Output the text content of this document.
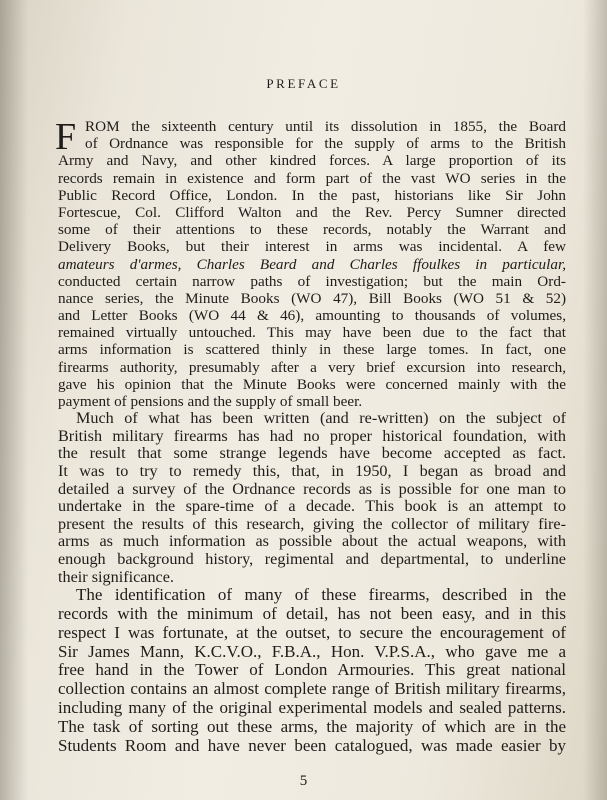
PREFACE
F ROM the sixteenth century until its dissolution in 1855, the Board
of Ordnance was responsible for the supply of arms to the British
Army and Navy, and other kindred forces. A large proportion of its
records remain in existence and form part of the vast WO series in the
Public Record Office, London. In the past, historians like Sir John
Fortescue, Col. Clifford Walton and the Rev. Percy Sumner directed
some of their attentions to these records, notably the Warrant and
Delivery Books, but their interest in arms was incidental. A few
amateurs d'armes, Charles Beard and Charles ffoulkes in particular,
conducted certain narrow paths of investigation; but the main Ord-
nance series, the Minute Books (WO 47), Bill Books (WO 51 & 52)
and Letter Books (WO 44 & 46), amounting to thousands of volumes,
remained virtually untouched. This may have been due to the fact that
arms information is scattered thinly in these large tomes. In fact, one
firearms authority, presumably after a very brief excursion into research,
gave his opinion that the Minute Books were concerned mainly with the
payment of pensions and the supply of small beer.
Much of what has been written (and re-written) on the subject of
British military firearms has had no proper historical foundation, with
the result that some strange legends have become accepted as fact.
It was to try to remedy this, that, in 1950, I began as broad and
detailed a survey of the Ordnance records as is possible for one man to
undertake in the spare-time of a decade. This book is an attempt to
present the results of this research, giving the collector of military fire-
arms as much information as possible about the actual weapons, with
enough background history, regimental and departmental, to underline
their significance.
The identification of many of these firearms, described in the
records with the minimum of detail, has not been easy, and in this
respect I was fortunate, at the outset, to secure the encouragement of
Sir James Mann, K.C.V.O., F.B.A., Hon. V.P.S.A., who gave me a
free hand in the Tower of London Armouries. This great national
collection contains an almost complete range of British military firearms,
including many of the original experimental models and sealed patterns.
The task of sorting out these arms, the majority of which are in the
Students Room and have never been catalogued, was made easier by
5
